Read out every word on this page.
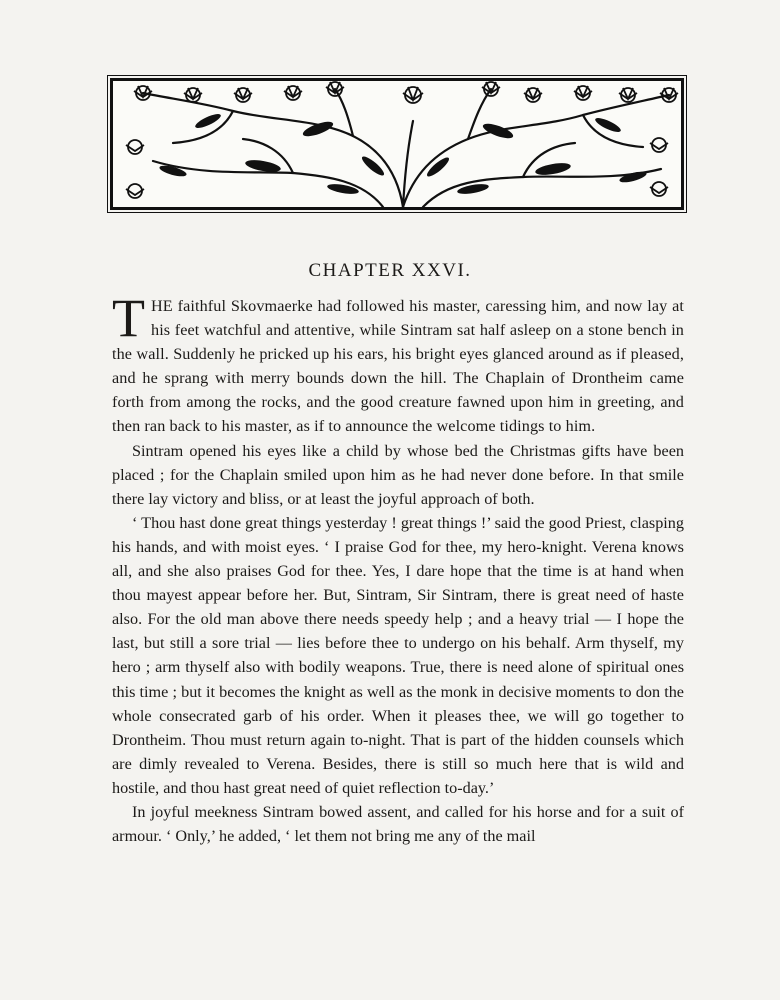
CHAPTER XXVI.

THE faithful Skovmaerke had followed his master, caressing him, and now lay at his feet watchful and attentive, while Sintram sat half asleep on a stone bench in the wall. Suddenly he pricked up his ears, his bright eyes glanced around as if pleased, and he sprang with merry bounds down the hill. The Chaplain of Drontheim came forth from among the rocks, and the good creature fawned upon him in greeting, and then ran back to his master, as if to announce the welcome tidings to him.

Sintram opened his eyes like a child by whose bed the Christmas gifts have been placed ; for the Chaplain smiled upon him as he had never done before. In that smile there lay victory and bliss, or at least the joyful approach of both.

‘ Thou hast done great things yesterday ! great things !’ said the good Priest, clasping his hands, and with moist eyes. ‘ I praise God for thee, my hero-knight. Verena knows all, and she also praises God for thee. Yes, I dare hope that the time is at hand when thou mayest appear before her. But, Sintram, Sir Sintram, there is great need of haste also. For the old man above there needs speedy help ; and a heavy trial — I hope the last, but still a sore trial — lies before thee to undergo on his behalf. Arm thyself, my hero ; arm thyself also with bodily weapons. True, there is need alone of spiritual ones this time ; but it becomes the knight as well as the monk in decisive moments to don the whole consecrated garb of his order. When it pleases thee, we will go together to Drontheim. Thou must return again to-night. That is part of the hidden counsels which are dimly revealed to Verena. Besides, there is still so much here that is wild and hostile, and thou hast great need of quiet reflection to-day.’

In joyful meekness Sintram bowed assent, and called for his horse and for a suit of armour. ‘ Only,’ he added, ‘ let them not bring me any of the mail
